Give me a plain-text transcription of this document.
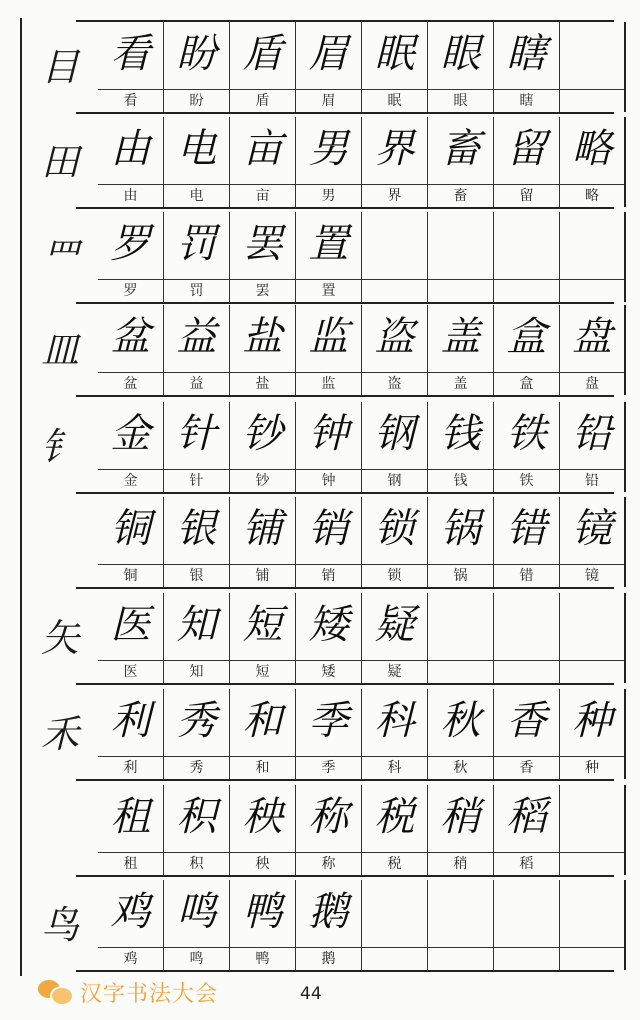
目
田
罒
皿
钅
矢
禾
鸟
看
看
盼
盼
盾
盾
眉
眉
眠
眠
眼
眼
瞎
瞎
由
由
电
电
亩
亩
男
男
界
界
畜
畜
留
留
略
略
罗
罗
罚
罚
罢
罢
置
置
盆
盆
益
益
盐
盐
监
监
盗
盗
盖
盖
盒
盒
盘
盘
金
金
针
针
钞
钞
钟
钟
钢
钢
钱
钱
铁
铁
铅
铅
铜
铜
银
银
铺
铺
销
销
锁
锁
锅
锅
错
错
镜
镜
医
医
知
知
短
短
矮
矮
疑
疑
利
利
秀
秀
和
和
季
季
科
科
秋
秋
香
香
种
种
租
租
积
积
秧
秧
称
称
税
税
稍
稍
稻
稻
鸡
鸡
鸣
鸣
鸭
鸭
鹅
鹅
汉字书法大会	44
